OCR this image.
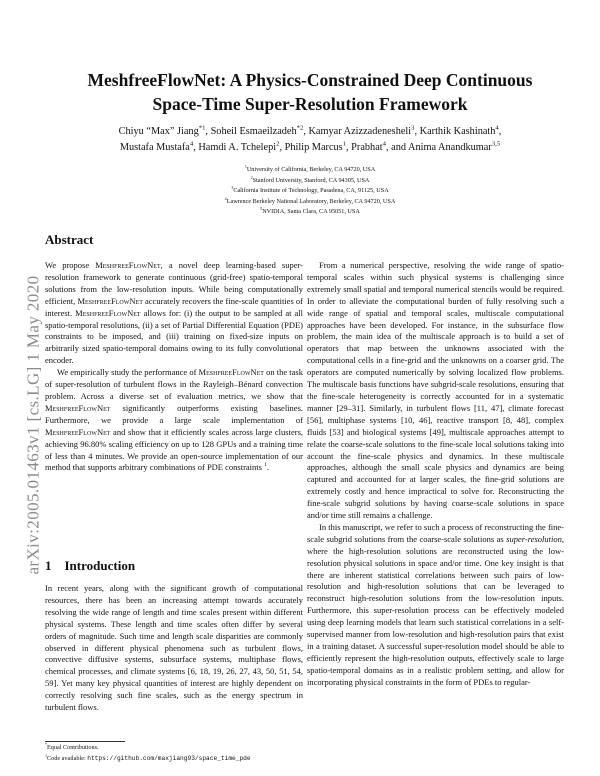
arXiv:2005.01463v1 [cs.LG] 1 May 2020
MeshfreeFlowNet: A Physics-Constrained Deep Continuous
Space-Time Super-Resolution Framework
Chiyu “Max” Jiang$^{*1}$, Soheil Esmaeilzadeh$^{*2}$, Kamyar Azizzadenesheli$^3$, Karthik Kashinath$^4$,
Mustafa Mustafa$^4$, Hamdi A. Tchelepi$^2$, Philip Marcus$^1$, Prabhat$^4$, and Anima Anandkumar$^{3,5}$
$^1$University of California, Berkeley, CA 94720, USA
$^2$Stanford University, Stanford, CA 94305, USA
$^3$California Institute of Technology, Pasadena, CA, 91125, USA
$^4$Lawrence Berkeley National Laboratory, Berkeley, CA 94720, USA
$^5$NVIDIA, Santa Clara, CA 95051, USA
Abstract

We propose MeshfreeFlowNet, a novel deep learning-based super-resolution framework to generate continuous (grid-free) spatio-temporal solutions from the low-resolution inputs. While being computationally efficient, MeshfreeFlowNet accurately recovers the fine-scale quantities of interest. MeshfreeFlowNet allows for: (i) the output to be sampled at all spatio-temporal resolutions, (ii) a set of Partial Differential Equation (PDE) constraints to be imposed, and (iii) training on fixed-size inputs on arbitrarily sized spatio-temporal domains owing to its fully convolutional encoder.

We empirically study the performance of MeshfreeFlowNet on the task of super-resolution of turbulent flows in the Rayleigh–Bénard convection problem. Across a diverse set of evaluation metrics, we show that MeshfreeFlowNet significantly outperforms existing baselines. Furthermore, we provide a large scale implementation of MeshfreeFlowNet and show that it efficiently scales across large clusters, achieving 96.80% scaling efficiency on up to 128 GPUs and a training time of less than 4 minutes. We provide an open-source implementation of our method that supports arbitrary combinations of PDE constraints $^1$.

1 Introduction

In recent years, along with the significant growth of computational resources, there has been an increasing attempt towards accurately resolving the wide range of length and time scales present within different physical systems. These length and time scales often differ by several orders of magnitude. Such time and length scale disparities are commonly observed in different physical phenomena such as turbulent flows, convective diffusive systems, subsurface systems, multiphase flows, chemical processes, and climate systems [6, 18, 19, 26, 27, 43, 50, 51, 54, 59]. Yet many key physical quantities of interest are highly dependent on correctly resolving such fine scales, such as the energy spectrum in turbulent flows.

*Equal Contributions.
$^1$Code available: https://github.com/maxjiang93/space_time_pde

From a numerical perspective, resolving the wide range of spatio-temporal scales within such physical systems is challenging since extremely small spatial and temporal numerical stencils would be required. In order to alleviate the computational burden of fully resolving such a wide range of spatial and temporal scales, multiscale computational approaches have been developed. For instance, in the subsurface flow problem, the main idea of the multiscale approach is to build a set of operators that map between the unknowns associated with the computational cells in a fine-grid and the unknowns on a coarser grid. The operators are computed numerically by solving localized flow problems. The multiscale basis functions have subgrid-scale resolutions, ensuring that the fine-scale heterogeneity is correctly accounted for in a systematic manner [29–31]. Similarly, in turbulent flows [11, 47], climate forecast [56], multiphase systems [10, 46], reactive transport [8, 48], complex fluids [53] and biological systems [49], multiscale approaches attempt to relate the coarse-scale solutions to the fine-scale local solutions taking into account the fine-scale physics and dynamics. In these multiscale approaches, although the small scale physics and dynamics are being captured and accounted for at larger scales, the fine-grid solutions are extremely costly and hence impractical to solve for. Reconstructing the fine-scale subgrid solutions by having coarse-scale solutions in space and/or time still remains a challenge.

In this manuscript, we refer to such a process of reconstructing the fine-scale subgrid solutions from the coarse-scale solutions as super-resolution, where the high-resolution solutions are reconstructed using the low-resolution physical solutions in space and/or time. One key insight is that there are inherent statistical correlations between such pairs of low-resolution and high-resolution solutions that can be leveraged to reconstruct high-resolution solutions from the low-resolution inputs. Furthermore, this super-resolution process can be effectively modeled using deep learning models that learn such statistical correlations in a self-supervised manner from low-resolution and high-resolution pairs that exist in a training dataset. A successful super-resolution model should be able to efficiently represent the high-resolution outputs, effectively scale to large spatio-temporal domains as in a realistic problem setting, and allow for incorporating physical constraints in the form of PDEs to regular-
